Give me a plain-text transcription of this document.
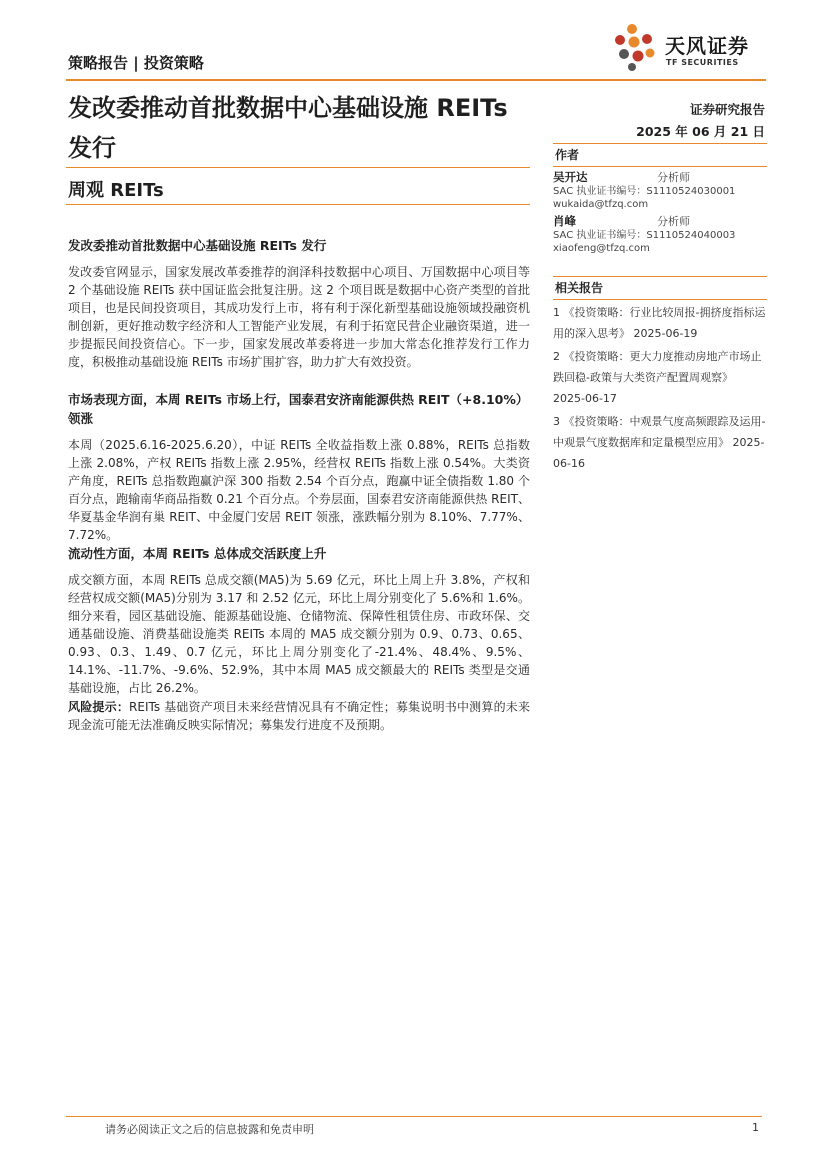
策略报告 | 投资策略
天风证券
TF SECURITIES
发改委推动首批数据中心基础设施 REITs
发行
周观 REITs
证券研究报告
2025 年 06 月 21 日
作者
吴开达	分析师
SAC 执业证书编号：S1110524030001
wukaida@tfzq.com
肖峰	分析师
SAC 执业证书编号：S1110524040003
xiaofeng@tfzq.com
相关报告
1 《投资策略：行业比较周报-拥挤度指标运用的深入思考》 2025-06-19
2 《投资策略：更大力度推动房地产市场止跌回稳-政策与大类资产配置周观察》 2025-06-17
3 《投资策略：中观景气度高频跟踪及运用-中观景气度数据库和定量模型应用》 2025-06-16
发改委推动首批数据中心基础设施 REITs 发行
发改委官网显示，国家发展改革委推荐的润泽科技数据中心项目、万国数据中心项目等 2 个基础设施 REITs 获中国证监会批复注册。这 2 个项目既是数据中心资产类型的首批项目，也是民间投资项目，其成功发行上市，将有利于深化新型基础设施领域投融资机制创新，更好推动数字经济和人工智能产业发展，有利于拓宽民营企业融资渠道，进一步提振民间投资信心。下一步，国家发展改革委将进一步加大常态化推荐发行工作力度，积极推动基础设施 REITs 市场扩围扩容，助力扩大有效投资。
市场表现方面，本周 REITs 市场上行，国泰君安济南能源供热 REIT（+8.10%）领涨
本周（2025.6.16-2025.6.20），中证 REITs 全收益指数上涨 0.88%，REITs 总指数上涨 2.08%，产权 REITs 指数上涨 2.95%，经营权 REITs 指数上涨 0.54%。大类资产角度，REITs 总指数跑赢沪深 300 指数 2.54 个百分点，跑赢中证全债指数 1.80 个百分点，跑输南华商品指数 0.21 个百分点。个券层面，国泰君安济南能源供热 REIT、华夏基金华润有巢 REIT、中金厦门安居 REIT 领涨，涨跌幅分别为 8.10%、7.77%、7.72%。
流动性方面，本周 REITs 总体成交活跃度上升
成交额方面，本周 REITs 总成交额(MA5)为 5.69 亿元，环比上周上升 3.8%，产权和经营权成交额(MA5)分别为 3.17 和 2.52 亿元，环比上周分别变化了 5.6%和 1.6%。细分来看，园区基础设施、能源基础设施、仓储物流、保障性租赁住房、市政环保、交通基础设施、消费基础设施类 REITs 本周的 MA5 成交额分别为 0.9、0.73、0.65、0.93、0.3、1.49、0.7 亿元，环比上周分别变化了-21.4%、48.4%、9.5%、14.1%、-11.7%、-9.6%、52.9%，其中本周 MA5 成交额最大的 REITs 类型是交通基础设施，占比 26.2%。
风险提示：REITs 基础资产项目未来经营情况具有不确定性；募集说明书中测算的未来现金流可能无法准确反映实际情况；募集发行进度不及预期。
请务必阅读正文之后的信息披露和免责申明	1
